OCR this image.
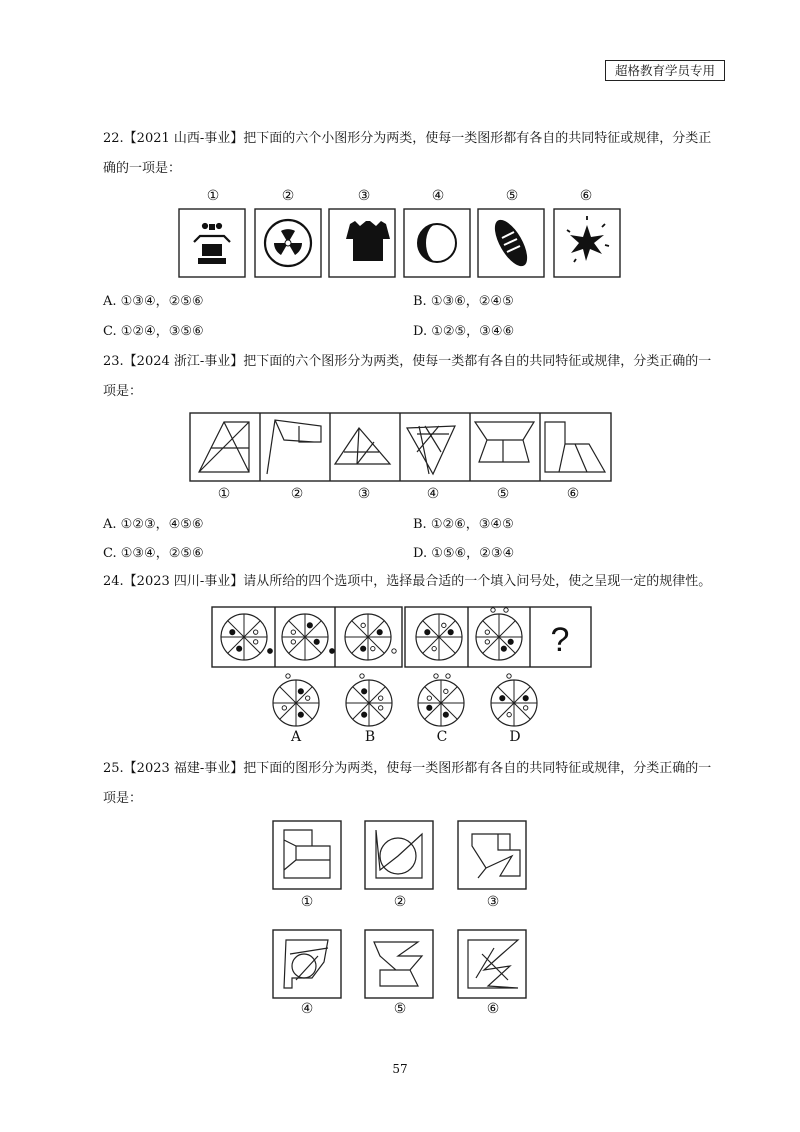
超格教育学员专用
22.【2021 山西-事业】把下面的六个小图形分为两类，使每一类图形都有各自的共同特征或规律，分类正
确的一项是：
①	②	③	④	⑤	⑥
A. ①③④，②⑤⑥	B. ①③⑥，②④⑤
C. ①②④，③⑤⑥	D. ①②⑤，③④⑥
23.【2024 浙江-事业】把下面的六个图形分为两类，使每一类都有各自的共同特征或规律，分类正确的一
项是：
①	②	③	④	⑤	⑥
A. ①②③，④⑤⑥	B. ①②⑥，③④⑤
C. ①③④，②⑤⑥	D. ①⑤⑥，②③④
24.【2023 四川-事业】请从所给的四个选项中，选择最合适的一个填入问号处，使之呈现一定的规律性。
?
A	B	C	D
25.【2023 福建-事业】把下面的图形分为两类，使每一类图形都有各自的共同特征或规律，分类正确的一
项是：
①	②	③
④	⑤	⑥
57
